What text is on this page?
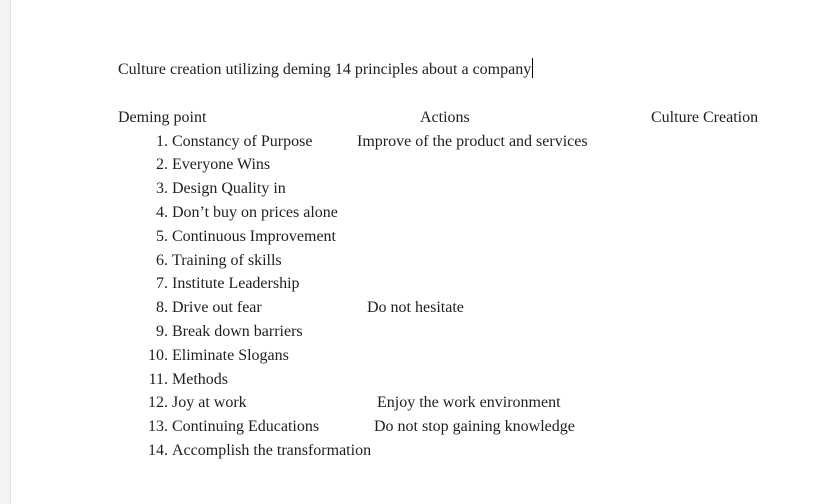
Culture creation utilizing deming 14 principles about a company
Deming point	Actions	Culture Creation
1. Constancy of Purpose	Improve of the product and services
2. Everyone Wins
3. Design Quality in
4. Don’t buy on prices alone
5. Continuous Improvement
6. Training of skills
7. Institute Leadership
8. Drive out fear	Do not hesitate
9. Break down barriers
10. Eliminate Slogans
11. Methods
12. Joy at work	Enjoy the work environment
13. Continuing Educations	Do not stop gaining knowledge
14. Accomplish the transformation
